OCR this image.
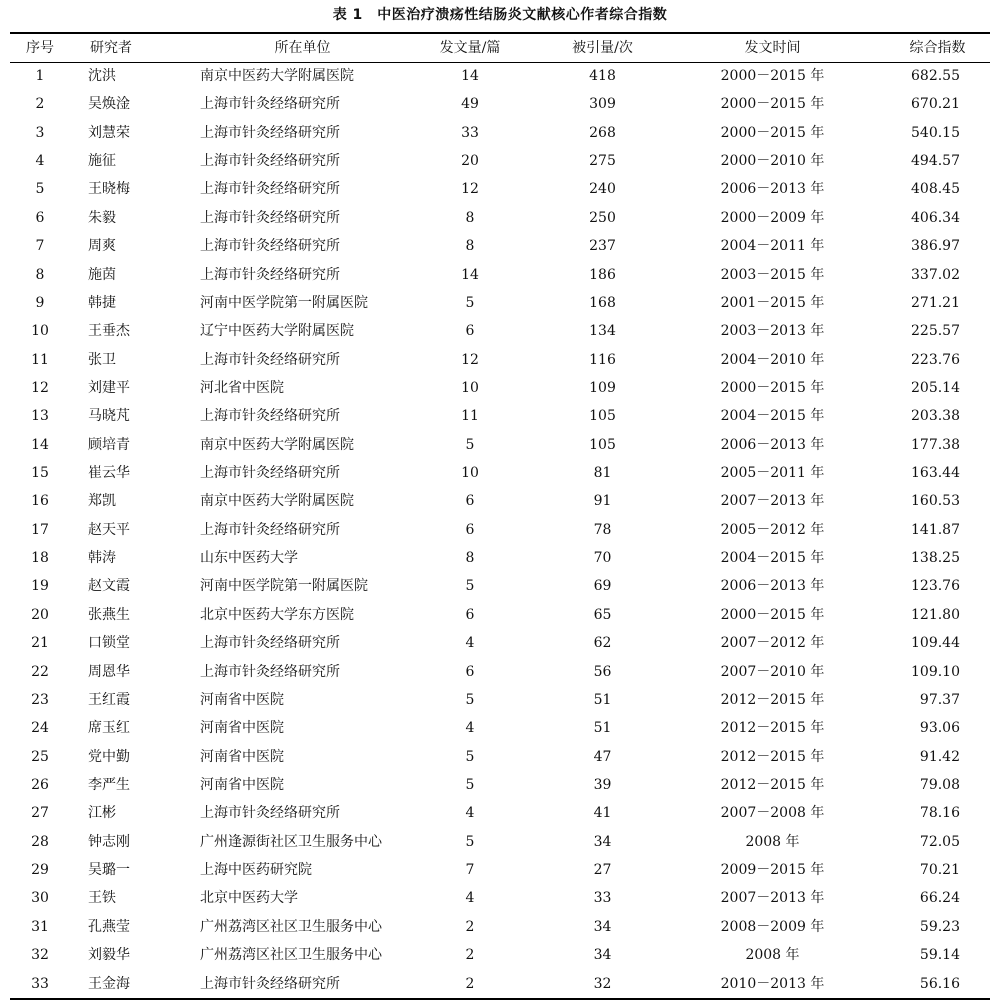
表 1　中医治疗溃疡性结肠炎文献核心作者综合指数
序号	研究者	所在单位	发文量/篇	被引量/次	发文时间	综合指数
1	沈洪	南京中医药大学附属医院	14	418	2000－2015 年	682.55
2	吴焕淦	上海市针灸经络研究所	49	309	2000－2015 年	670.21
3	刘慧荣	上海市针灸经络研究所	33	268	2000－2015 年	540.15
4	施征	上海市针灸经络研究所	20	275	2000－2010 年	494.57
5	王晓梅	上海市针灸经络研究所	12	240	2006－2013 年	408.45
6	朱毅	上海市针灸经络研究所	8	250	2000－2009 年	406.34
7	周爽	上海市针灸经络研究所	8	237	2004－2011 年	386.97
8	施茵	上海市针灸经络研究所	14	186	2003－2015 年	337.02
9	韩捷	河南中医学院第一附属医院	5	168	2001－2015 年	271.21
10	王垂杰	辽宁中医药大学附属医院	6	134	2003－2013 年	225.57
11	张卫	上海市针灸经络研究所	12	116	2004－2010 年	223.76
12	刘建平	河北省中医院	10	109	2000－2015 年	205.14
13	马晓芃	上海市针灸经络研究所	11	105	2004－2015 年	203.38
14	顾培青	南京中医药大学附属医院	5	105	2006－2013 年	177.38
15	崔云华	上海市针灸经络研究所	10	81	2005－2011 年	163.44
16	郑凯	南京中医药大学附属医院	6	91	2007－2013 年	160.53
17	赵天平	上海市针灸经络研究所	6	78	2005－2012 年	141.87
18	韩涛	山东中医药大学	8	70	2004－2015 年	138.25
19	赵文霞	河南中医学院第一附属医院	5	69	2006－2013 年	123.76
20	张燕生	北京中医药大学东方医院	6	65	2000－2015 年	121.80
21	口锁堂	上海市针灸经络研究所	4	62	2007－2012 年	109.44
22	周恩华	上海市针灸经络研究所	6	56	2007－2010 年	109.10
23	王红霞	河南省中医院	5	51	2012－2015 年	97.37
24	席玉红	河南省中医院	4	51	2012－2015 年	93.06
25	党中勤	河南省中医院	5	47	2012－2015 年	91.42
26	李严生	河南省中医院	5	39	2012－2015 年	79.08
27	江彬	上海市针灸经络研究所	4	41	2007－2008 年	78.16
28	钟志刚	广州逢源街社区卫生服务中心	5	34	2008 年	72.05
29	吴璐一	上海中医药研究院	7	27	2009－2015 年	70.21
30	王铁	北京中医药大学	4	33	2007－2013 年	66.24
31	孔燕莹	广州荔湾区社区卫生服务中心	2	34	2008－2009 年	59.23
32	刘毅华	广州荔湾区社区卫生服务中心	2	34	2008 年	59.14
33	王金海	上海市针灸经络研究所	2	32	2010－2013 年	56.16
